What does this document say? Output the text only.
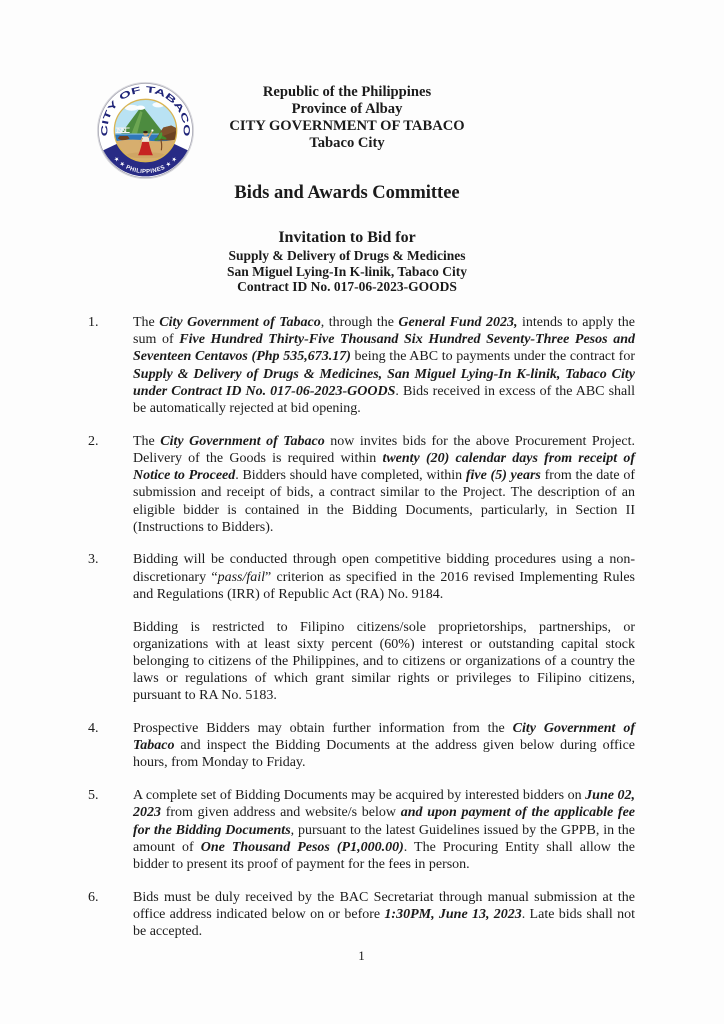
CITY OF TABACO
★ ★ PHILIPPINES ★ ★
Republic of the Philippines
Province of Albay
CITY GOVERNMENT OF TABACO
Tabaco City
Bids and Awards Committee
Invitation to Bid for
Supply & Delivery of Drugs & Medicines
San Miguel Lying-In K-linik, Tabaco City
Contract ID No. 017-06-2023-GOODS
1. The City Government of Tabaco, through the General Fund 2023, intends to apply the sum of Five Hundred Thirty-Five Thousand Six Hundred Seventy-Three Pesos and Seventeen Centavos (Php 535,673.17) being the ABC to payments under the contract for Supply & Delivery of Drugs & Medicines, San Miguel Lying-In K-linik, Tabaco City under Contract ID No. 017-06-2023-GOODS. Bids received in excess of the ABC shall be automatically rejected at bid opening.

2. The City Government of Tabaco now invites bids for the above Procurement Project. Delivery of the Goods is required within twenty (20) calendar days from receipt of Notice to Proceed. Bidders should have completed, within five (5) years from the date of submission and receipt of bids, a contract similar to the Project. The description of an eligible bidder is contained in the Bidding Documents, particularly, in Section II (Instructions to Bidders).

3. Bidding will be conducted through open competitive bidding procedures using a non-discretionary “pass/fail” criterion as specified in the 2016 revised Implementing Rules and Regulations (IRR) of Republic Act (RA) No. 9184.

Bidding is restricted to Filipino citizens/sole proprietorships, partnerships, or organizations with at least sixty percent (60%) interest or outstanding capital stock belonging to citizens of the Philippines, and to citizens or organizations of a country the laws or regulations of which grant similar rights or privileges to Filipino citizens, pursuant to RA No. 5183.

4. Prospective Bidders may obtain further information from the City Government of Tabaco and inspect the Bidding Documents at the address given below during office hours, from Monday to Friday.

5. A complete set of Bidding Documents may be acquired by interested bidders on June 02, 2023 from given address and website/s below and upon payment of the applicable fee for the Bidding Documents, pursuant to the latest Guidelines issued by the GPPB, in the amount of One Thousand Pesos (P1,000.00). The Procuring Entity shall allow the bidder to present its proof of payment for the fees in person.

6. Bids must be duly received by the BAC Secretariat through manual submission at the office address indicated below on or before 1:30PM, June 13, 2023. Late bids shall not be accepted.

1
